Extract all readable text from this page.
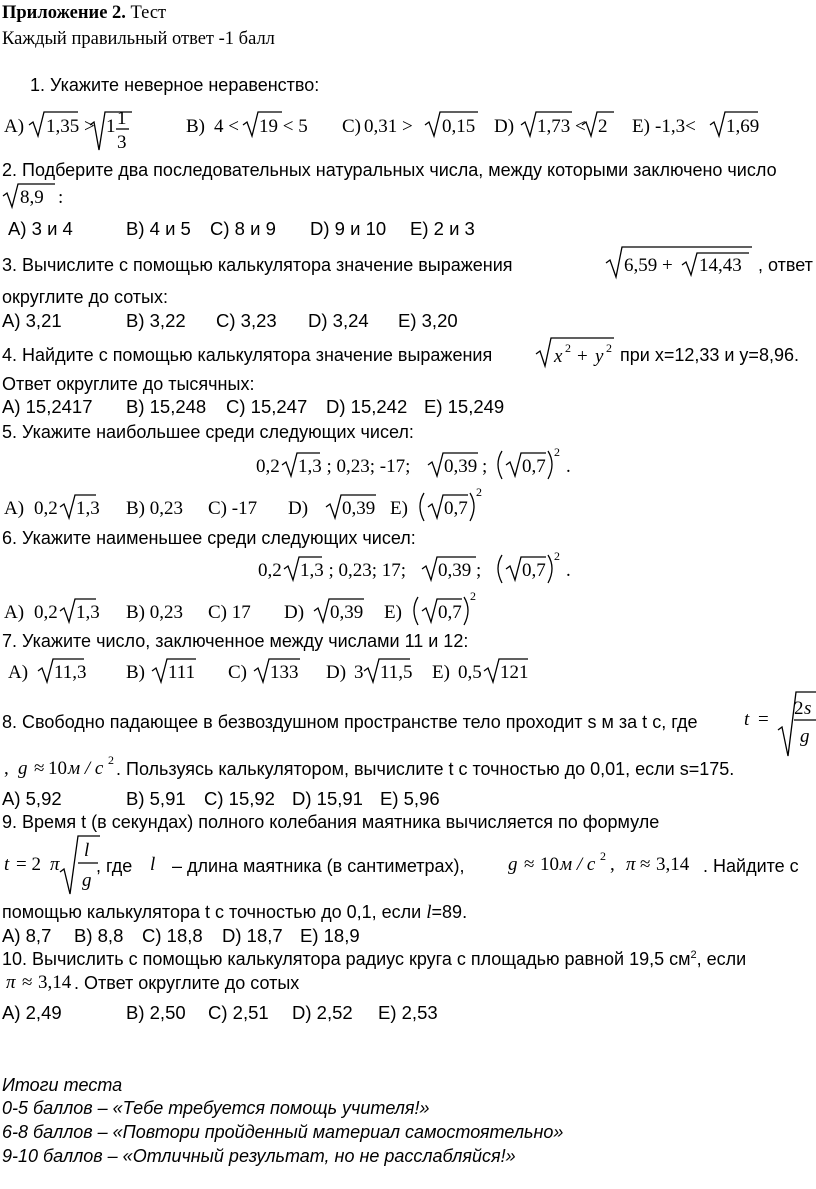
Приложение 2. Тест
Каждый правильный ответ -1 балл
1. Укажите неверное неравенство:
A) 1,35 > 1 1
3
B) 4 < 19 < 5 C) 0,31 > 0,15 D) 1,73 < 2 E) -1,3< 1,69
2. Подберите два последовательных натуральных числа, между которыми заключено число
8,9 :
A) 3 и 4	B) 4 и 5 C) 8 и 9 D) 9 и 10 E) 2 и 3
3. Вычислите с помощью калькулятора значение выражения	6,59 + 14,43 , ответ
округлите до сотых:
A) 3,21	B) 3,22 C) 3,23 D) 3,24 E) 3,20
4. Найдите с помощью калькулятора значение выражения	x 2 + y 2 при x=12,33 и y=8,96.
Ответ округлите до тысячных:
A) 15,2417 B) 15,248 C) 15,247 D) 15,242 E) 15,249
5. Укажите наибольшее среди следующих чисел:
0,2 1,3 ; 0,23; -17; 0,39 ; 0,7
2
.
A) 0,2 1,3 B) 0,23 C) -17 D) 0,39 E) 0,7
2
6. Укажите наименьшее среди следующих чисел:
0,2 1,3 ; 0,23; 17; 0,39 ; 0,7
2
.
A) 0,2 1,3 B) 0,23 C) 17 D) 0,39 E) 0,7
2
7. Укажите число, заключенное между числами 11 и 12:
A) 11,3 B) 111 C) 133 D) 3 11,5 E) 0,5 121
8. Свободно падающее в безвоздушном пространстве тело проходит s м за t с, где t =
2 s
g
, g ≈ 10 м / c 2 . Пользуясь калькулятором, вычислите t с точностью до 0,01, если s=175.
A) 5,92	B) 5,91 C) 15,92 D) 15,91 E) 5,96
9. Время t (в секундах) полного колебания маятника вычисляется по формуле
t = 2 π
l
g
, где l – длина маятника (в сантиметрах), g ≈ 10 м / c 2 , π ≈ 3,14 . Найдите с
помощью калькулятора t с точностью до 0,1, если l=89.
A) 8,7 B) 8,8 C) 18,8 D) 18,7 E) 18,9
10. Вычислить с помощью калькулятора радиус круга с площадью равной 19,5 $см^2$, если
π ≈ 3,14 . Ответ округлите до сотых
A) 2,49	B) 2,50 C) 2,51 D) 2,52 E) 2,53
Итоги теста
0-5 баллов – «Тебе требуется помощь учителя!»
6-8 баллов – «Повтори пройденный материал самостоятельно»
9-10 баллов – «Отличный результат, но не расслабляйся!»
